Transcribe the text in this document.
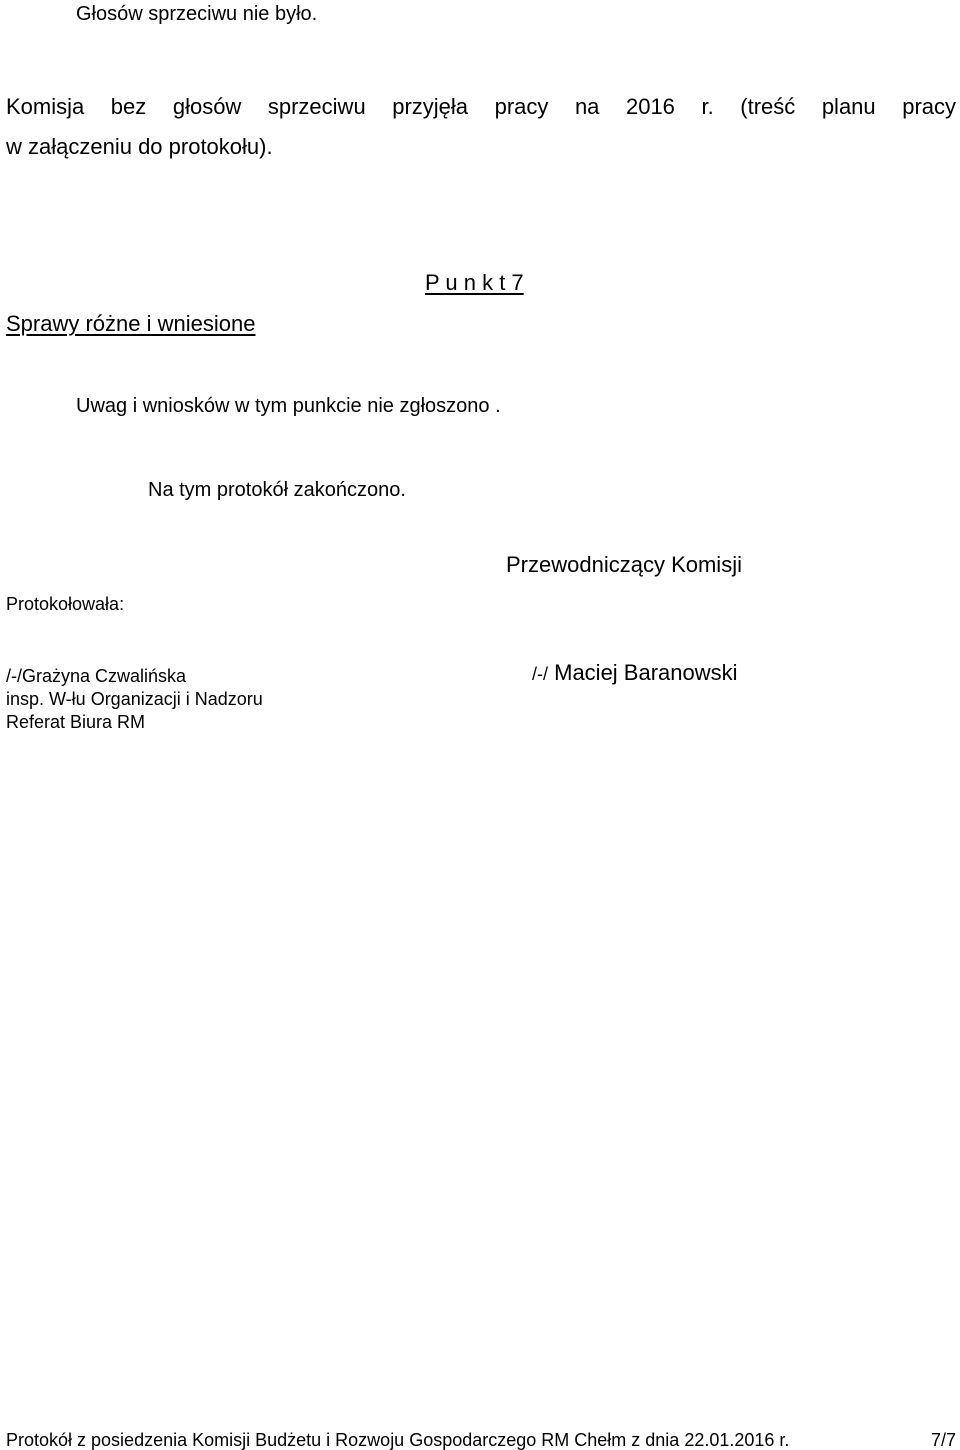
Głosów sprzeciwu nie było.

Komisja bez głosów sprzeciwu przyjęła pracy na 2016 r. (treść planu pracy

w załączeniu do protokołu).

P u n k t 7

Sprawy różne i wniesione

Uwag i wniosków w tym punkcie nie zgłoszono .

Na tym protokół zakończono.

Przewodniczący Komisji

Protokołowała:

/-/Grażyna Czwalińska

insp. W-łu Organizacji i Nadzoru

Referat Biura RM

/-/ Maciej Baranowski

Protokół z posiedzenia Komisji Budżetu i Rozwoju Gospodarczego RM Chełm z dnia 22.01.2016 r.	7/7
